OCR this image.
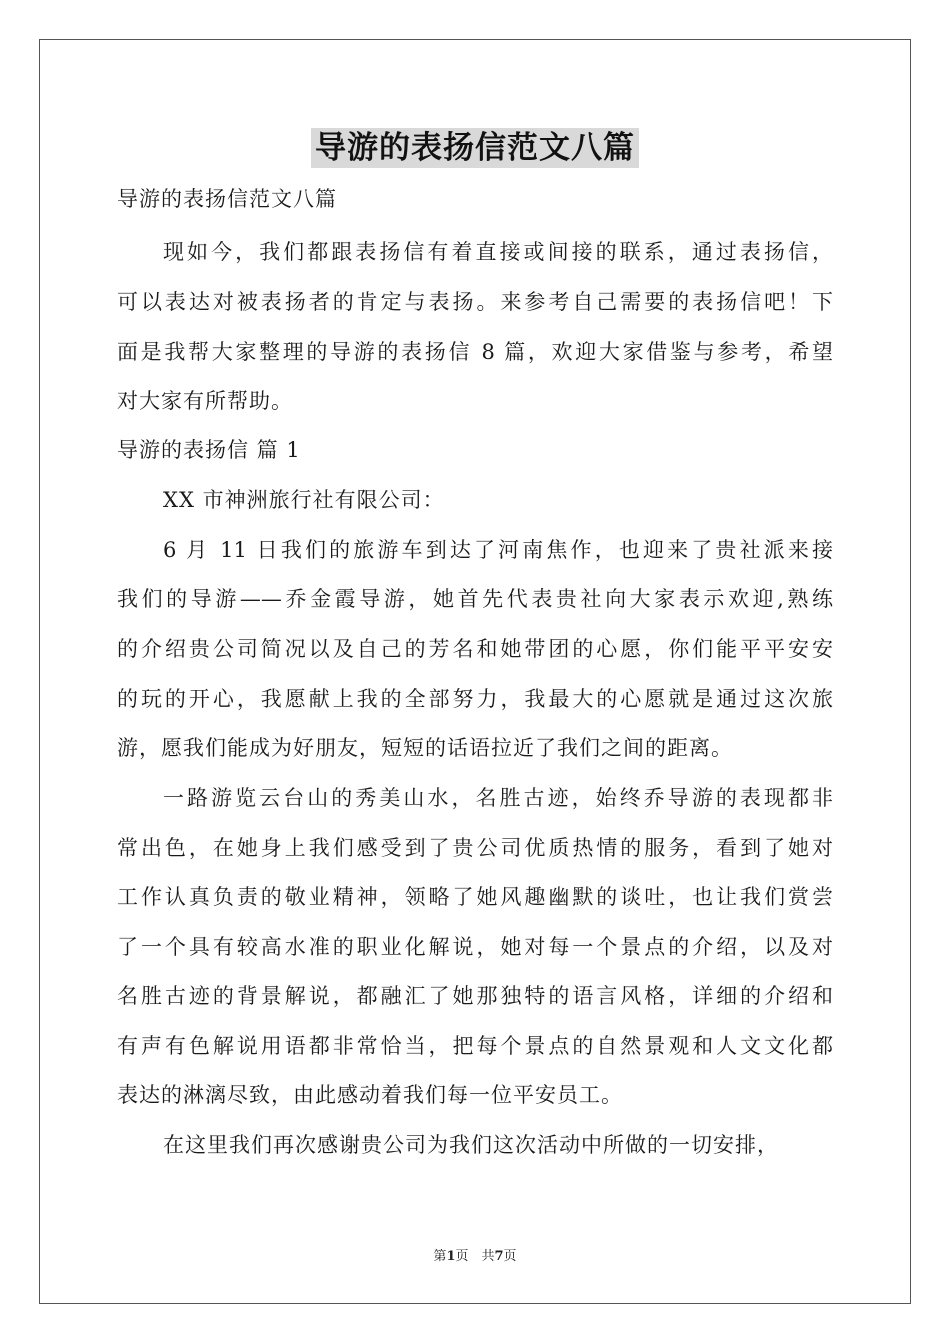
导游的表扬信范文八篇
导游的表扬信范文八篇
现如今，我们都跟表扬信有着直接或间接的联系，通过表扬信，
可以表达对被表扬者的肯定与表扬。来参考自己需要的表扬信吧！下
面是我帮大家整理的导游的表扬信 8 篇，欢迎大家借鉴与参考，希望
对大家有所帮助。
导游的表扬信 篇 1
XX 市神洲旅行社有限公司：
6 月 11 日我们的旅游车到达了河南焦作，也迎来了贵社派来接
我们的导游——乔金霞导游，她首先代表贵社向大家表示欢迎,熟练
的介绍贵公司简况以及自己的芳名和她带团的心愿，你们能平平安安
的玩的开心，我愿献上我的全部努力，我最大的心愿就是通过这次旅
游，愿我们能成为好朋友，短短的话语拉近了我们之间的距离。
一路游览云台山的秀美山水，名胜古迹，始终乔导游的表现都非
常出色，在她身上我们感受到了贵公司优质热情的服务，看到了她对
工作认真负责的敬业精神，领略了她风趣幽默的谈吐，也让我们赏尝
了一个具有较高水准的职业化解说，她对每一个景点的介绍，以及对
名胜古迹的背景解说，都融汇了她那独特的语言风格，详细的介绍和
有声有色解说用语都非常恰当，把每个景点的自然景观和人文文化都
表达的淋漓尽致，由此感动着我们每一位平安员工。
在这里我们再次感谢贵公司为我们这次活动中所做的一切安排，
第1页　共7页
